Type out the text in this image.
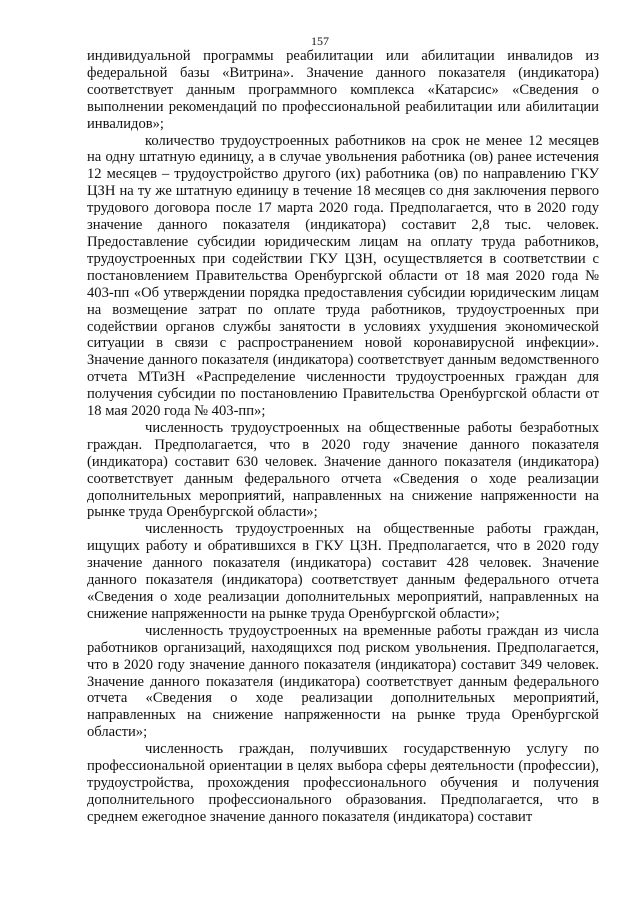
157

индивидуальной программы реабилитации или абилитации инвалидов из федеральной базы «Витрина». Значение данного показателя (индикатора) соответствует данным программного комплекса «Катарсис» «Сведения о выполнении рекомендаций по профессиональной реабилитации или абилитации инвалидов»;

количество трудоустроенных работников на срок не менее 12 месяцев на одну штатную единицу, а в случае увольнения работника (ов) ранее истечения 12 месяцев – трудоустройство другого (их) работника (ов) по направлению ГКУ ЦЗН на ту же штатную единицу в течение 18 месяцев со дня заключения первого трудового договора после 17 марта 2020 года. Предполагается, что в 2020 году значение данного показателя (индикатора) составит 2,8 тыс. человек. Предоставление субсидии юридическим лицам на оплату труда работников, трудоустроенных при содействии ГКУ ЦЗН, осуществляется в соответствии с постановлением Правительства Оренбургской области от 18 мая 2020 года № 403-пп «Об утверждении порядка предоставления субсидии юридическим лицам на возмещение затрат по оплате труда работников, трудоустроенных при содействии органов службы занятости в условиях ухудшения экономической ситуации в связи с распространением новой коронавирусной инфекции». Значение данного показателя (индикатора) соответствует данным ведомственного отчета МТиЗН «Распределение численности трудоустроенных граждан для получения субсидии по постановлению Правительства Оренбургской области от 18 мая 2020 года № 403-пп»;

численность трудоустроенных на общественные работы безработных граждан. Предполагается, что в 2020 году значение данного показателя (индикатора) составит 630 человек. Значение данного показателя (индикатора) соответствует данным федерального отчета «Сведения о ходе реализации дополнительных мероприятий, направленных на снижение напряженности на рынке труда Оренбургской области»;

численность трудоустроенных на общественные работы граждан, ищущих работу и обратившихся в ГКУ ЦЗН. Предполагается, что в 2020 году значение данного показателя (индикатора) составит 428 человек. Значение данного показателя (индикатора) соответствует данным федерального отчета «Сведения о ходе реализации дополнительных мероприятий, направленных на снижение напряженности на рынке труда Оренбургской области»;

численность трудоустроенных на временные работы граждан из числа работников организаций, находящихся под риском увольнения. Предполагается, что в 2020 году значение данного показателя (индикатора) составит 349 человек. Значение данного показателя (индикатора) соответствует данным федерального отчета «Сведения о ходе реализации дополнительных мероприятий, направленных на снижение напряженности на рынке труда Оренбургской области»;

численность граждан, получивших государственную услугу по профессиональной ориентации в целях выбора сферы деятельности (профессии), трудоустройства, прохождения профессионального обучения и получения дополнительного профессионального образования. Предполагается, что в среднем ежегодное значение данного показателя (индикатора) составит
